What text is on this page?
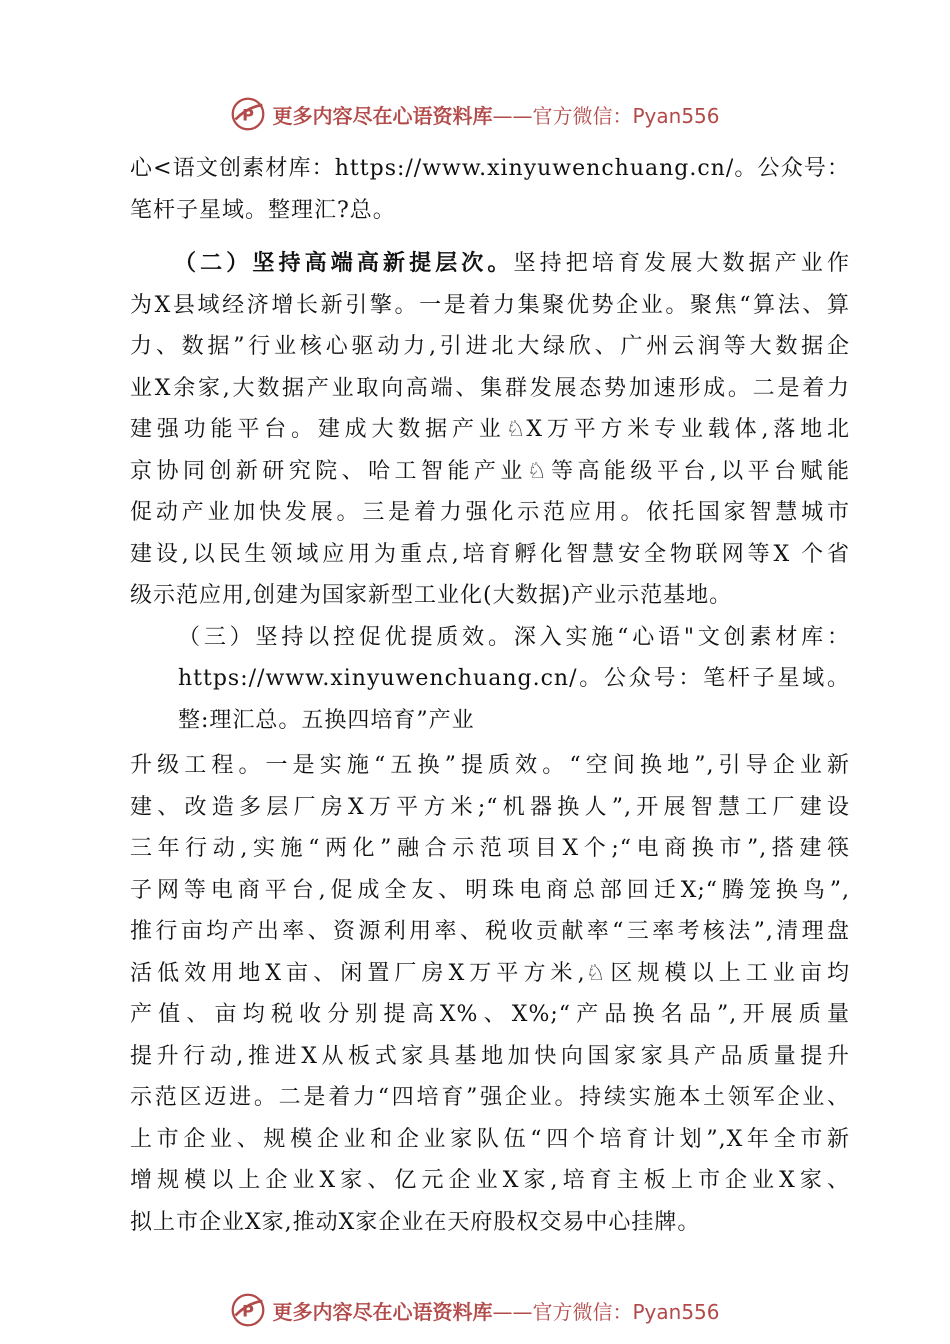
P 更多内容尽在心语资料库——官方微信：Pyan556
心<语文创素材库：https://www.xinyuwenchuang.cn/。公众号：
笔杆子星域。整理汇?总。
（二）坚持高端高新提层次。坚持把培育发展大数据产业作
为X县域经济增长新引擎。一是着力集聚优势企业。聚焦“算法、算
力、数据”行业核心驱动力,引进北大绿欣、广州云润等大数据企
业X余家,大数据产业取向高端、集群发展态势加速形成。二是着力
建强功能平台。建成大数据产业♘X万平方米专业载体,落地北
京协同创新研究院、哈工智能产业♘等高能级平台,以平台赋能
促动产业加快发展。三是着力强化示范应用。依托国家智慧城市
建设,以民生领域应用为重点,培育孵化智慧安全物联网等X 个省
级示范应用,创建为国家新型工业化(大数据)产业示范基地。
（三）坚持以控促优提质效。深入实施“心语"文创素材库：
https://www.xinyuwenchuang.cn/。公众号：笔杆子星域。
整:理汇总。五换四培育”产业
升级工程。一是实施“五换”提质效。“空间换地”,引导企业新
建、改造多层厂房X万平方米;“机器换人”,开展智慧工厂建设
三年行动,实施“两化”融合示范项目X个;“电商换市”,搭建筷
子网等电商平台,促成全友、明珠电商总部回迁X;“腾笼换鸟”,
推行亩均产出率、资源利用率、税收贡献率“三率考核法”,清理盘
活低效用地X亩、闲置厂房X万平方米,♘区规模以上工业亩均
产值、亩均税收分别提高X%、X%;“产品换名品”,开展质量
提升行动,推进X从板式家具基地加快向国家家具产品质量提升
示范区迈进。二是着力“四培育”强企业。持续实施本土领军企业、
上市企业、规模企业和企业家队伍“四个培育计划”,X年全市新
增规模以上企业X家、亿元企业X家,培育主板上市企业X家、
拟上市企业X家,推动X家企业在天府股权交易中心挂牌。
P 更多内容尽在心语资料库——官方微信：Pyan556
